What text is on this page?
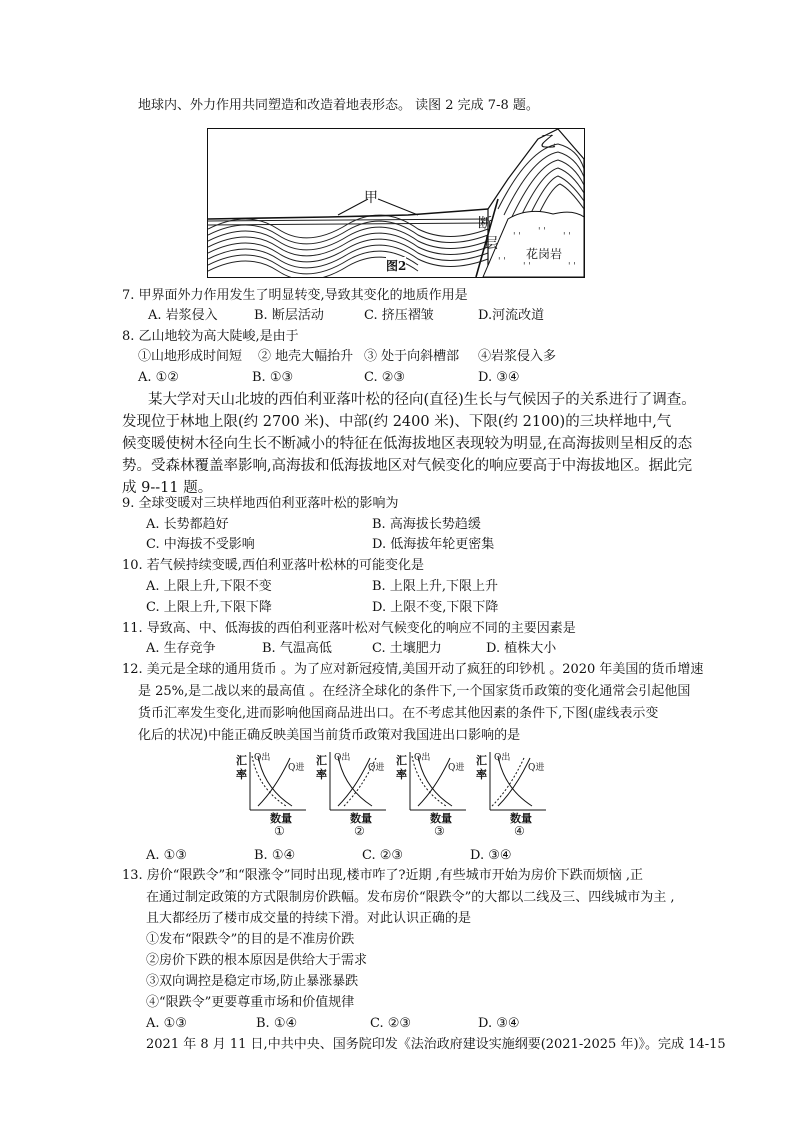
地球内、外力作用共同塑造和改造着地表形态。 读图 2 完成 7-8 题。
' ' ' ' ' '
' ' ' '	' '
乙
甲
断
层
花岗岩
图2
7. 甲界面外力作用发生了明显转变,导致其变化的地质作用是
A. 岩浆侵入	B. 断层活动	C. 挤压褶皱	D.河流改道
8. 乙山地较为高大陡峻,是由于
①山地形成时间短 ② 地壳大幅抬升 ③ 处于向斜槽部 ④岩浆侵入多
A. ①②	B. ①③	C. ②③	D. ③④
某大学对天山北坡的西伯利亚落叶松的径向(直径)生长与气候因子的关系进行了调查。
发现位于林地上限(约 2700 米)、中部(约 2400 米)、下限(约 2100)的三块样地中,气
候变暖使树木径向生长不断减小的特征在低海拔地区表现较为明显,在高海拔则呈相反的态
势。受森林覆盖率影响,高海拔和低海拔地区对气候变化的响应要高于中海拔地区。据此完
成 9--11 题。
9. 全球变暖对三块样地西伯利亚落叶松的影响为
A. 长势都趋好	B. 高海拔长势趋缓
C. 中海拔不受影响	D. 低海拔年轮更密集
10. 若气候持续变暖,西伯利亚落叶松林的可能变化是
A. 上限上升,下限不变	B. 上限上升,下限上升
C. 上限上升,下限下降	D. 上限不变,下限下降
11. 导致高、中、低海拔的西伯利亚落叶松对气候变化的响应不同的主要因素是
A. 生存竞争	B. 气温高低	C. 土壤肥力	D. 植株大小
12. 美元是全球的通用货币 。为了应对新冠疫情,美国开动了疯狂的印钞机 。2020 年美国的货币增速
是 25%,是二战以来的最高值 。在经济全球化的条件下,一个国家货币政策的变化通常会引起他国
货币汇率发生变化,进而影响他国商品进出口。在不考虑其他因素的条件下,下图(虚线表示变
化后的状况)中能正确反映美国当前货币政策对我国进出口影响的是
汇
率
Q出
Q进
数量
①
汇
率
Q出
Q进
数量
②
汇
率
Q出
Q进
数量
③
汇
率
Q出
Q进
数量
④
A. ①③	B. ①④	C. ②③	D. ③④
13. 房价“限跌令”和“限涨令”同时出现,楼市咋了?近期 ,有些城市开始为房价下跌而烦恼 ,正
在通过制定政策的方式限制房价跌幅。发布房价“限跌令”的大都以二线及三、四线城市为主 ,
且大都经历了楼市成交量的持续下滑。对此认识正确的是
①发布“限跌令”的目的是不准房价跌
②房价下跌的根本原因是供给大于需求
③双向调控是稳定市场,防止暴涨暴跌
④“限跌令”更要尊重市场和价值规律
A. ①③	B. ①④	C. ②③	D. ③④
2021 年 8 月 11 日,中共中央、国务院印发《法治政府建设实施纲要(2021-2025 年)》。完成 14-15
